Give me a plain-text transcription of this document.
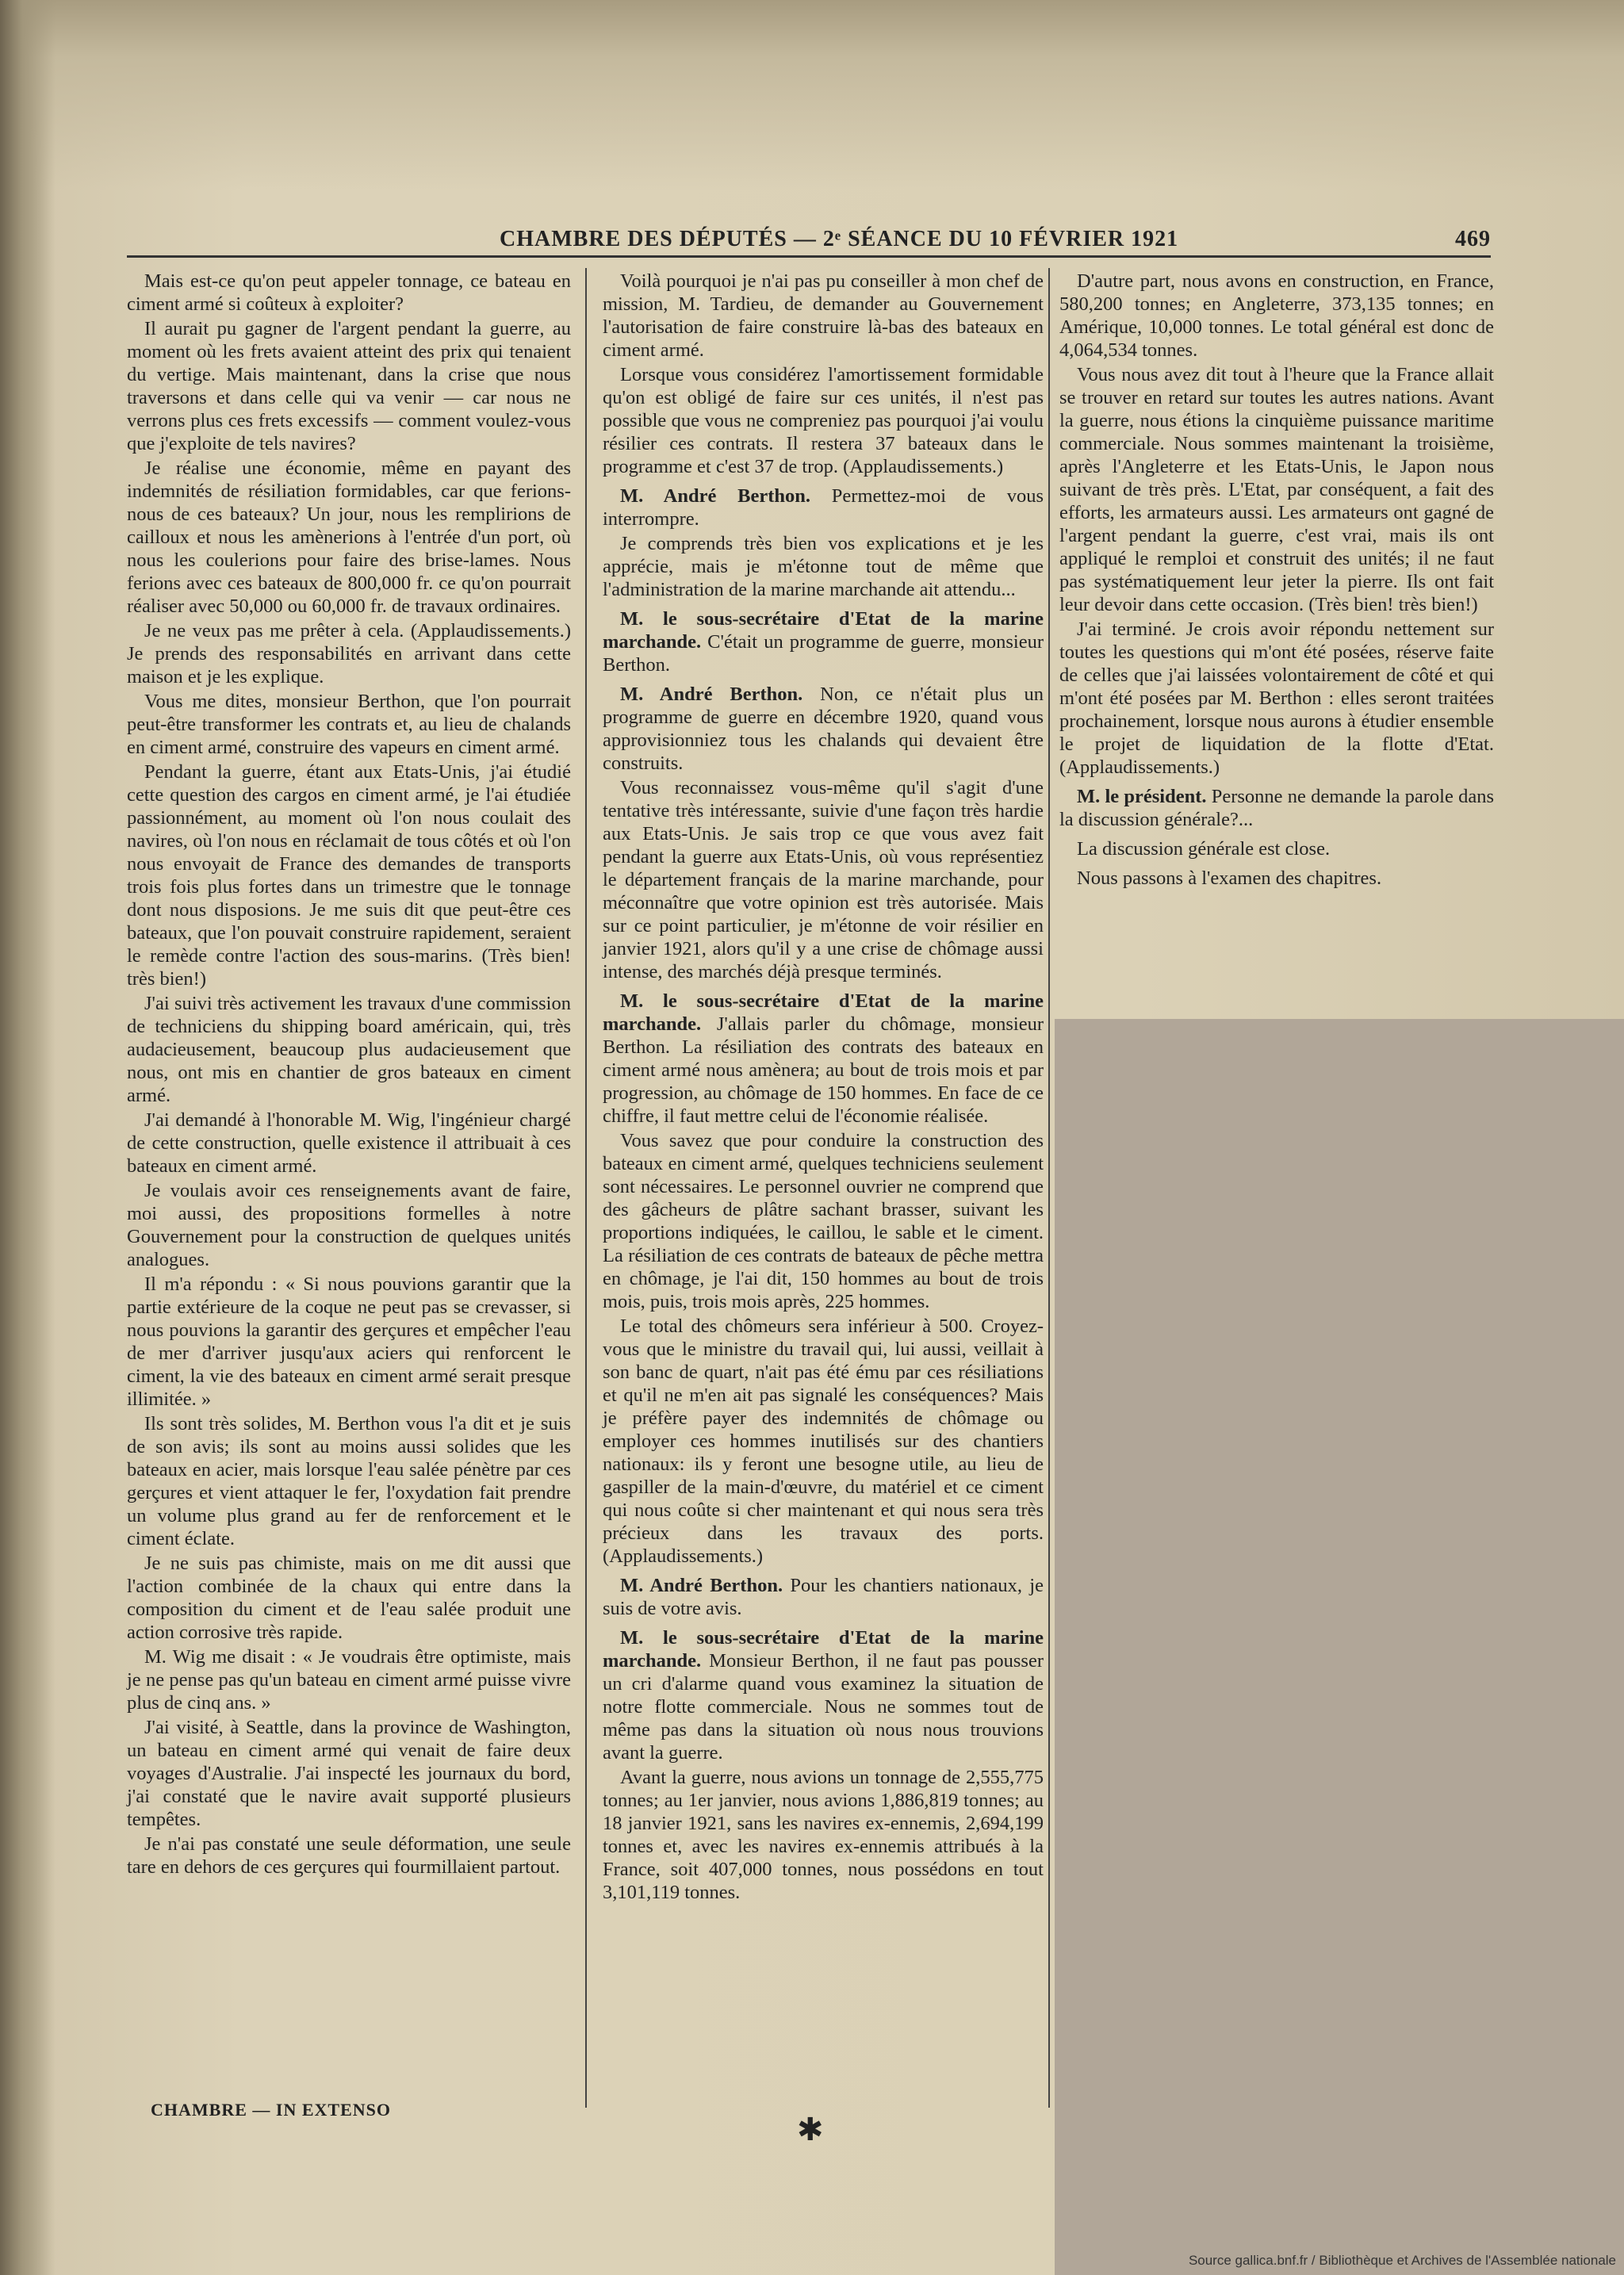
CHAMBRE DES DÉPUTÉS — 2ᵉ SÉANCE DU 10 FÉVRIER 1921	469

Mais est-ce qu'on peut appeler tonnage, ce bateau en ciment armé si coûteux à exploiter?

Il aurait pu gagner de l'argent pendant la guerre, au moment où les frets avaient atteint des prix qui tenaient du vertige. Mais maintenant, dans la crise que nous traversons et dans celle qui va venir — car nous ne verrons plus ces frets excessifs — comment voulez-vous que j'exploite de tels navires?

Je réalise une économie, même en payant des indemnités de résiliation formidables, car que ferions-nous de ces bateaux? Un jour, nous les remplirions de cailloux et nous les amènerions à l'entrée d'un port, où nous les coulerions pour faire des brise-lames. Nous ferions avec ces bateaux de 800,000 fr. ce qu'on pourrait réaliser avec 50,000 ou 60,000 fr. de travaux ordinaires.

Je ne veux pas me prêter à cela. (Applaudissements.) Je prends des responsabilités en arrivant dans cette maison et je les explique.

Vous me dites, monsieur Berthon, que l'on pourrait peut-être transformer les contrats et, au lieu de chalands en ciment armé, construire des vapeurs en ciment armé.

Pendant la guerre, étant aux Etats-Unis, j'ai étudié cette question des cargos en ciment armé, je l'ai étudiée passionnément, au moment où l'on nous coulait des navires, où l'on nous en réclamait de tous côtés et où l'on nous envoyait de France des demandes de transports trois fois plus fortes dans un trimestre que le tonnage dont nous disposions. Je me suis dit que peut-être ces bateaux, que l'on pouvait construire rapidement, seraient le remède contre l'action des sous-marins. (Très bien! très bien!)

J'ai suivi très activement les travaux d'une commission de techniciens du shipping board américain, qui, très audacieusement, beaucoup plus audacieusement que nous, ont mis en chantier de gros bateaux en ciment armé.

J'ai demandé à l'honorable M. Wig, l'ingénieur chargé de cette construction, quelle existence il attribuait à ces bateaux en ciment armé.

Je voulais avoir ces renseignements avant de faire, moi aussi, des propositions formelles à notre Gouvernement pour la construction de quelques unités analogues.

Il m'a répondu : « Si nous pouvions garantir que la partie extérieure de la coque ne peut pas se crevasser, si nous pouvions la garantir des gerçures et empêcher l'eau de mer d'arriver jusqu'aux aciers qui renforcent le ciment, la vie des bateaux en ciment armé serait presque illimitée. »

Ils sont très solides, M. Berthon vous l'a dit et je suis de son avis; ils sont au moins aussi solides que les bateaux en acier, mais lorsque l'eau salée pénètre par ces gerçures et vient attaquer le fer, l'oxydation fait prendre un volume plus grand au fer de renforcement et le ciment éclate.

Je ne suis pas chimiste, mais on me dit aussi que l'action combinée de la chaux qui entre dans la composition du ciment et de l'eau salée produit une action corrosive très rapide.

M. Wig me disait : « Je voudrais être optimiste, mais je ne pense pas qu'un bateau en ciment armé puisse vivre plus de cinq ans. »

J'ai visité, à Seattle, dans la province de Washington, un bateau en ciment armé qui venait de faire deux voyages d'Australie. J'ai inspecté les journaux du bord, j'ai constaté que le navire avait supporté plusieurs tempêtes.

Je n'ai pas constaté une seule déformation, une seule tare en dehors de ces gerçures qui fourmillaient partout.

Voilà pourquoi je n'ai pas pu conseiller à mon chef de mission, M. Tardieu, de demander au Gouvernement l'autorisation de faire construire là-bas des bateaux en ciment armé.

Lorsque vous considérez l'amortissement formidable qu'on est obligé de faire sur ces unités, il n'est pas possible que vous ne compreniez pas pourquoi j'ai voulu résilier ces contrats. Il restera 37 bateaux dans le programme et c'est 37 de trop. (Applaudissements.)

M. André Berthon. Permettez-moi de vous interrompre.

Je comprends très bien vos explications et je les apprécie, mais je m'étonne tout de même que l'administration de la marine marchande ait attendu...

M. le sous-secrétaire d'Etat de la marine marchande. C'était un programme de guerre, monsieur Berthon.

M. André Berthon. Non, ce n'était plus un programme de guerre en décembre 1920, quand vous approvisionniez tous les chalands qui devaient être construits.

Vous reconnaissez vous-même qu'il s'agit d'une tentative très intéressante, suivie d'une façon très hardie aux Etats-Unis. Je sais trop ce que vous avez fait pendant la guerre aux Etats-Unis, où vous représentiez le département français de la marine marchande, pour méconnaître que votre opinion est très autorisée. Mais sur ce point particulier, je m'étonne de voir résilier en janvier 1921, alors qu'il y a une crise de chômage aussi intense, des marchés déjà presque terminés.

M. le sous-secrétaire d'Etat de la marine marchande. J'allais parler du chômage, monsieur Berthon. La résiliation des contrats des bateaux en ciment armé nous amènera; au bout de trois mois et par progression, au chômage de 150 hommes. En face de ce chiffre, il faut mettre celui de l'économie réalisée.

Vous savez que pour conduire la construction des bateaux en ciment armé, quelques techniciens seulement sont nécessaires. Le personnel ouvrier ne comprend que des gâcheurs de plâtre sachant brasser, suivant les proportions indiquées, le caillou, le sable et le ciment. La résiliation de ces contrats de bateaux de pêche mettra en chômage, je l'ai dit, 150 hommes au bout de trois mois, puis, trois mois après, 225 hommes.

Le total des chômeurs sera inférieur à 500. Croyez-vous que le ministre du travail qui, lui aussi, veillait à son banc de quart, n'ait pas été ému par ces résiliations et qu'il ne m'en ait pas signalé les conséquences? Mais je préfère payer des indemnités de chômage ou employer ces hommes inutilisés sur des chantiers nationaux: ils y feront une besogne utile, au lieu de gaspiller de la main-d'œuvre, du matériel et ce ciment qui nous coûte si cher maintenant et qui nous sera très précieux dans les travaux des ports. (Applaudissements.)

M. André Berthon. Pour les chantiers nationaux, je suis de votre avis.

M. le sous-secrétaire d'Etat de la marine marchande. Monsieur Berthon, il ne faut pas pousser un cri d'alarme quand vous examinez la situation de notre flotte commerciale. Nous ne sommes tout de même pas dans la situation où nous nous trouvions avant la guerre.

Avant la guerre, nous avions un tonnage de 2,555,775 tonnes; au 1er janvier, nous avions 1,886,819 tonnes; au 18 janvier 1921, sans les navires ex-ennemis, 2,694,199 tonnes et, avec les navires ex-ennemis attribués à la France, soit 407,000 tonnes, nous possédons en tout 3,101,119 tonnes.

D'autre part, nous avons en construction, en France, 580,200 tonnes; en Angleterre, 373,135 tonnes; en Amérique, 10,000 tonnes. Le total général est donc de 4,064,534 tonnes.

Vous nous avez dit tout à l'heure que la France allait se trouver en retard sur toutes les autres nations. Avant la guerre, nous étions la cinquième puissance maritime commerciale. Nous sommes maintenant la troisième, après l'Angleterre et les Etats-Unis, le Japon nous suivant de très près. L'Etat, par conséquent, a fait des efforts, les armateurs aussi. Les armateurs ont gagné de l'argent pendant la guerre, c'est vrai, mais ils ont appliqué le remploi et construit des unités; il ne faut pas systématiquement leur jeter la pierre. Ils ont fait leur devoir dans cette occasion. (Très bien! très bien!)

J'ai terminé. Je crois avoir répondu nettement sur toutes les questions qui m'ont été posées, réserve faite de celles que j'ai laissées volontairement de côté et qui m'ont été posées par M. Berthon : elles seront traitées prochainement, lorsque nous aurons à étudier ensemble le projet de liquidation de la flotte d'Etat. (Applaudissements.)

M. le président. Personne ne demande la parole dans la discussion générale?...

La discussion générale est close.

Nous passons à l'examen des chapitres.

CHAMBRE — IN EXTENSO
✱
Source gallica.bnf.fr / Bibliothèque et Archives de l'Assemblée nationale
